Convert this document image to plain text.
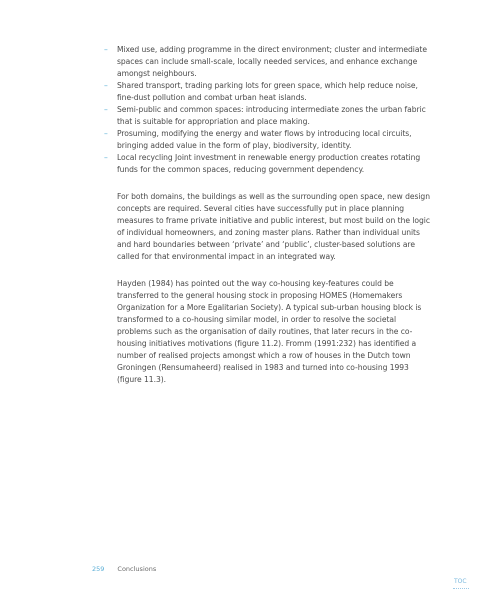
– Mixed use, adding programme in the direct environment; cluster and intermediate spaces can include small-scale, locally needed services, and enhance exchange amongst neighbours.
– Shared transport, trading parking lots for green space, which help reduce noise, fine-dust pollution and combat urban heat islands.
– Semi-public and common spaces: introducing intermediate zones the urban fabric that is suitable for appropriation and place making.
– Prosuming, modifying the energy and water flows by introducing local circuits, bringing added value in the form of play, biodiversity, identity.
– Local recycling Joint investment in renewable energy production creates rotating funds for the common spaces, reducing government dependency.

For both domains, the buildings as well as the surrounding open space, new design concepts are required. Several cities have successfully put in place planning measures to frame private initiative and public interest, but most build on the logic of individual homeowners, and zoning master plans. Rather than individual units and hard boundaries between ‘private’ and ‘public’, cluster-based solutions are called for that environmental impact in an integrated way.

Hayden (1984) has pointed out the way co-housing key-features could be transferred to the general housing stock in proposing HOMES (Homemakers Organization for a More Egalitarian Society). A typical sub-urban housing block is transformed to a co-housing similar model, in order to resolve the societal problems such as the organisation of daily routines, that later recurs in the co-housing initiatives motivations (figure 11.2). Fromm (1991:232) has identified a number of realised projects amongst which a row of houses in the Dutch town Groningen (Rensumaheerd) realised in 1983 and turned into co-housing 1993 (figure 11.3).

259 Conclusions
TOC
